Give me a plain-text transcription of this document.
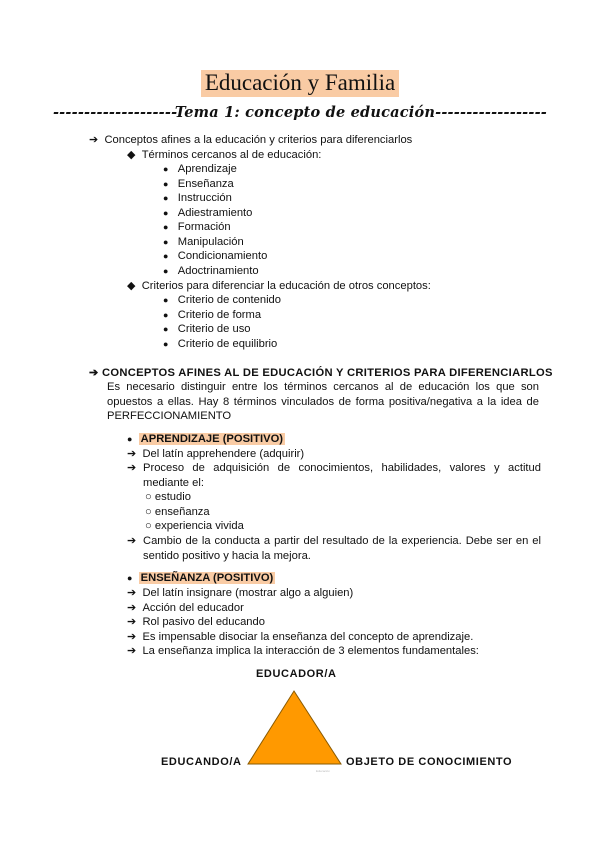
Educación y Familia
--------------------Tema 1: concepto de educación------------------
➔ Conceptos afines a la educación y criterios para diferenciarlos
◆ Términos cercanos al de educación:
● Aprendizaje
● Enseñanza
● Instrucción
● Adiestramiento
● Formación
● Manipulación
● Condicionamiento
● Adoctrinamiento
◆ Criterios para diferenciar la educación de otros conceptos:
● Criterio de contenido
● Criterio de forma
● Criterio de uso
● Criterio de equilibrio
➔ CONCEPTOS AFINES AL DE EDUCACIÓN Y CRITERIOS PARA DIFERENCIARLOS
Es necesario distinguir entre los términos cercanos al de educación los que son opuestos a ellas. Hay 8 términos vinculados de forma positiva/negativa a la idea de PERFECCIONAMIENTO
● APRENDIZAJE (POSITIVO)
➔ Del latín apprehendere (adquirir)
➔ Proceso de adquisición de conocimientos, habilidades, valores y actitud mediante el:
○ estudio
○ enseñanza
○ experiencia vivida
➔ Cambio de la conducta a partir del resultado de la experiencia. Debe ser en el sentido positivo y hacia la mejora.
● ENSEÑANZA (POSITIVO)
➔ Del latín insignare (mostrar algo a alguien)
➔ Acción del educador
➔ Rol pasivo del educando
➔ Es impensable disociar la enseñanza del concepto de aprendizaje.
➔ La enseñanza implica la interacción de 3 elementos fundamentales:
EDUCADOR/A
EDUCANDO/A	OBJETO DE CONOCIMIENTO
Educación
